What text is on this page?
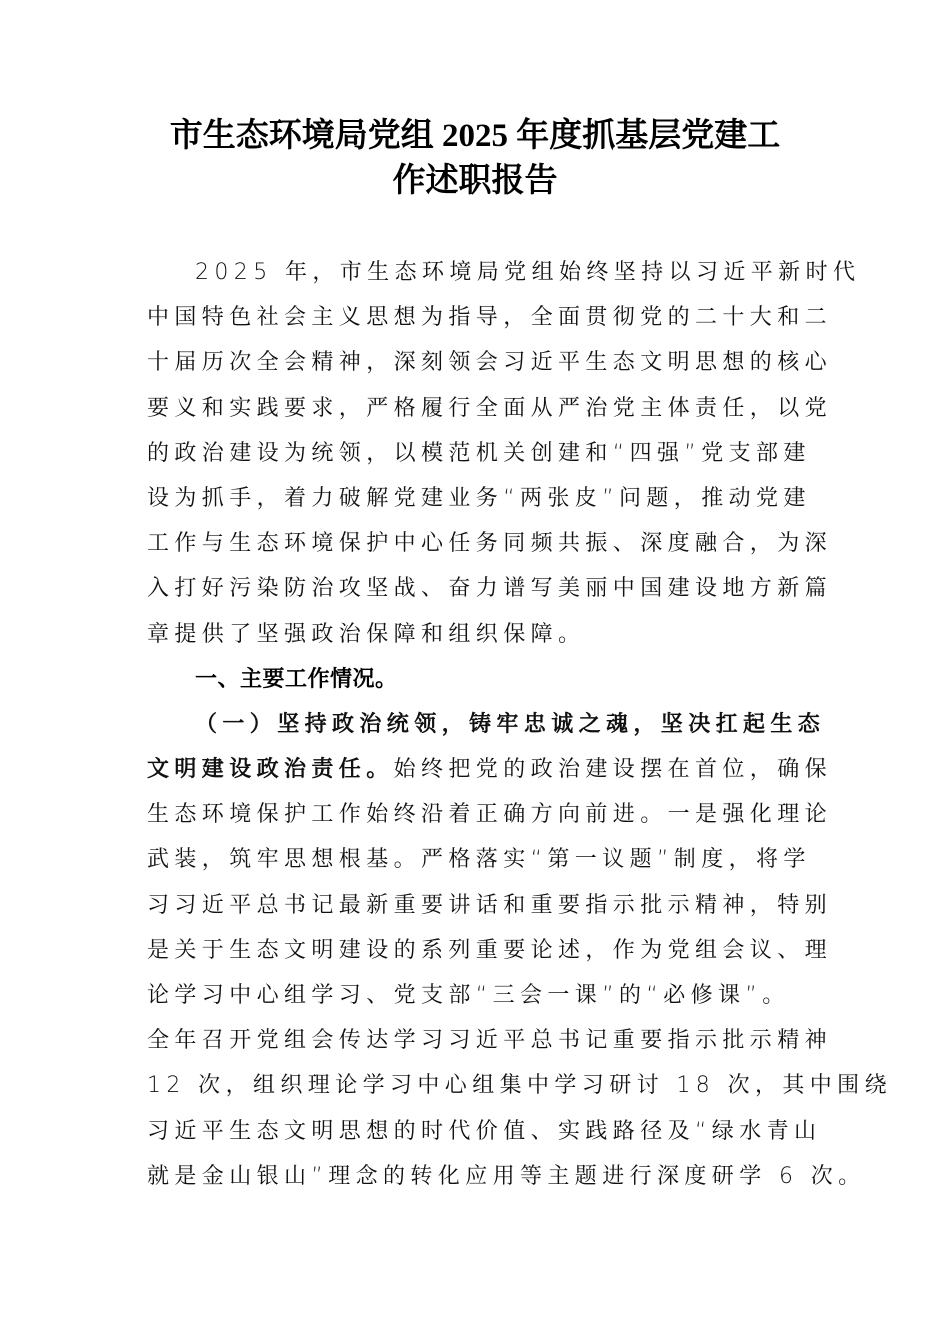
市生态环境局党组 2025 年度抓基层党建工
作述职报告
2025 年，市生态环境局党组始终坚持以习近平新时代
中国特色社会主义思想为指导，全面贯彻党的二十大和二
十届历次全会精神，深刻领会习近平生态文明思想的核心
要义和实践要求，严格履行全面从严治党主体责任，以党
的政治建设为统领，以模范机关创建和“四强”党支部建
设为抓手，着力破解党建业务“两张皮”问题，推动党建
工作与生态环境保护中心任务同频共振、深度融合，为深
入打好污染防治攻坚战、奋力谱写美丽中国建设地方新篇
章提供了坚强政治保障和组织保障。
一、主要工作情况。
（一）坚持政治统领，铸牢忠诚之魂，坚决扛起生态
文明建设政治责任。始终把党的政治建设摆在首位，确保
生态环境保护工作始终沿着正确方向前进。一是强化理论
武装，筑牢思想根基。严格落实“第一议题”制度，将学
习习近平总书记最新重要讲话和重要指示批示精神，特别
是关于生态文明建设的系列重要论述，作为党组会议、理
论学习中心组学习、党支部“三会一课”的“必修课”。
全年召开党组会传达学习习近平总书记重要指示批示精神
12 次，组织理论学习中心组集中学习研讨 18 次，其中围绕
习近平生态文明思想的时代价值、实践路径及“绿水青山
就是金山银山”理念的转化应用等主题进行深度研学 6 次。
